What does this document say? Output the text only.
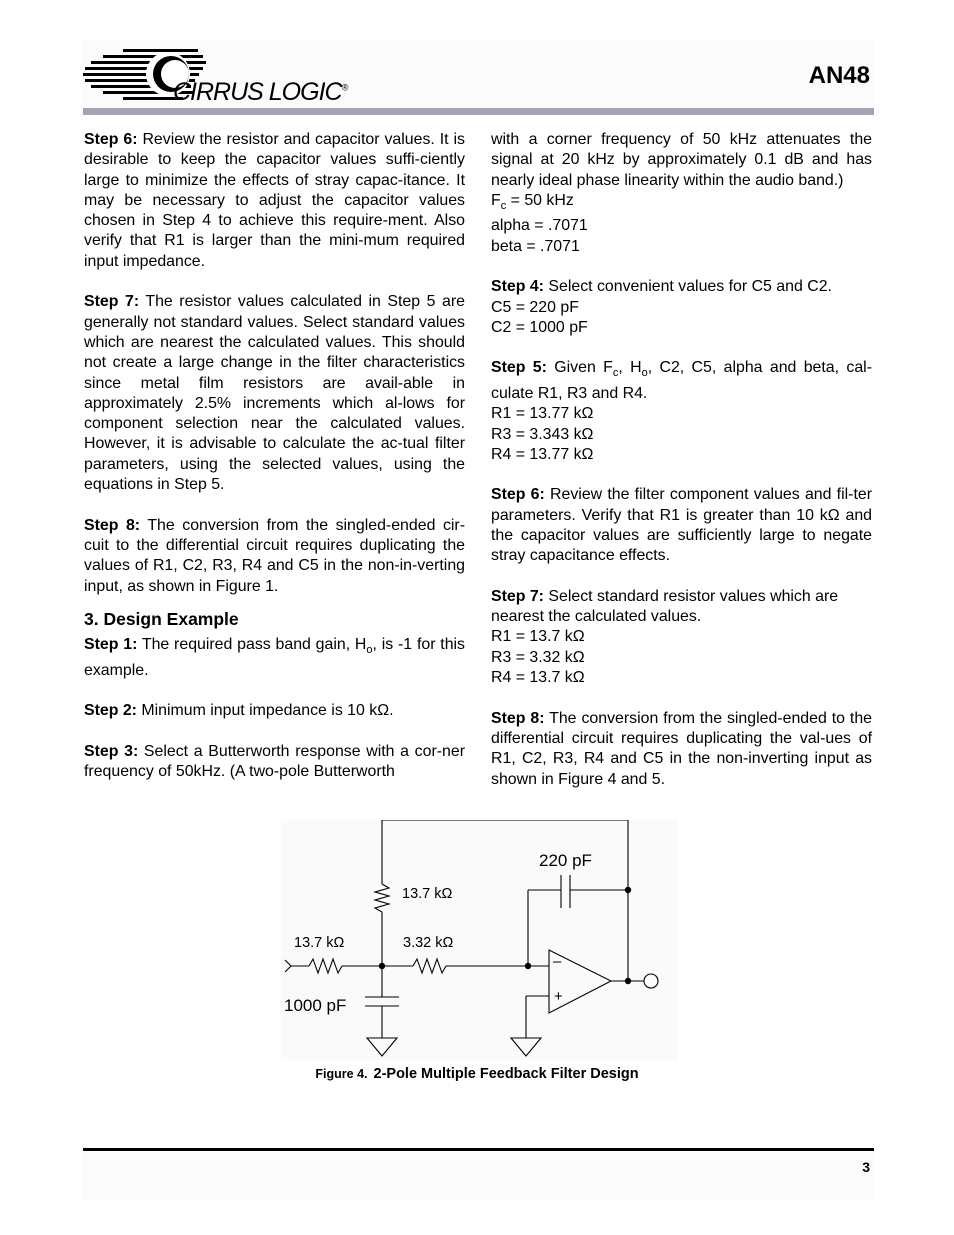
CIRRUS LOGIC®	AN48

Step 6: Review the resistor and capacitor values. It is desirable to keep the capacitor values suffi-ciently large to minimize the effects of stray capac-itance. It may be necessary to adjust the capacitor values chosen in Step 4 to achieve this require-ment. Also verify that R1 is larger than the mini-mum required input impedance.

Step 7: The resistor values calculated in Step 5 are generally not standard values. Select standard values which are nearest the calculated values. This should not create a large change in the filter characteristics since metal film resistors are avail-able in approximately 2.5% increments which al-lows for component selection near the calculated values. However, it is advisable to calculate the ac-tual filter parameters, using the selected values, using the equations in Step 5.

Step 8: The conversion from the singled-ended cir-cuit to the differential circuit requires duplicating the values of R1, C2, R3, R4 and C5 in the non-in-verting input, as shown in Figure 1.

3. Design Example

Step 1: The required pass band gain, $H_o$, is -1 for this example.

Step 2: Minimum input impedance is 10 kΩ.

Step 3: Select a Butterworth response with a cor-ner frequency of 50kHz. (A two-pole Butterworth

with a corner frequency of 50 kHz attenuates the signal at 20 kHz by approximately 0.1 dB and has nearly ideal phase linearity within the audio band.)

$F_c = 50$ kHz

alpha = .7071

beta = .7071

Step 4: Select convenient values for C5 and C2.

C5 = 220 pF

C2 = 1000 pF

Step 5: Given $F_c$, $H_o$, C2, C5, alpha and beta, cal-culate R1, R3 and R4.

R1 = 13.77 kΩ

R3 = 3.343 kΩ

R4 = 13.77 kΩ

Step 6: Review the filter component values and fil-ter parameters. Verify that R1 is greater than 10 kΩ and the capacitor values are sufficiently large to negate stray capacitance effects.

Step 7: Select standard resistor values which are nearest the calculated values.

R1 = 13.7 kΩ

R3 = 3.32 kΩ

R4 = 13.7 kΩ

Step 8: The conversion from the singled-ended to the differential circuit requires duplicating the val-ues of R1, C2, R3, R4 and C5 in the non-inverting input as shown in Figure 4 and 5.

220 pF
13.7 kΩ
13.7 kΩ	3.32 kΩ
1000 pF
–
+
Figure 4. 2-Pole Multiple Feedback Filter Design
3
